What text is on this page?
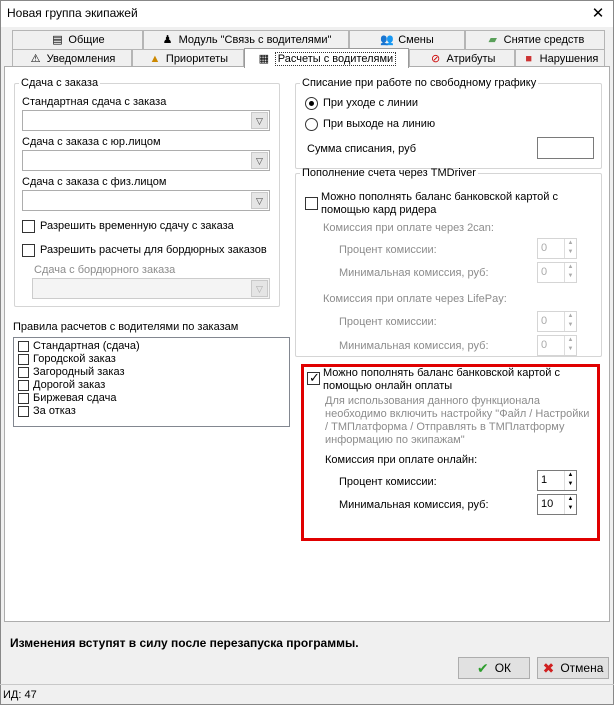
Новая группа экипажей	✕
▤ Общие	♟ Модуль "Связь с водителями"	👥 Смены	▰ Снятие средств
⚠ Уведомления	▲ Приоритеты	▦ Расчеты с водителями	⊘ Атрибуты	■ Нарушения
Сдача с заказа
Стандартная сдача с заказа
▽
Сдача с заказа с юр.лицом
▽
Сдача с заказа с физ.лицом
▽
Разрешить временную сдачу с заказа
Разрешить расчеты для бордюрных заказов
Сдача с бордюрного заказа
▽
Правила расчетов с водителями по заказам
Стандартная (сдача)
Городской заказ
Загородный заказ
Дорогой заказ
Биржевая сдача
За отказ
Списание при работе по свободному графику
При уходе с линии
При выходе на линию
Сумма списания, руб
Пополнение счета через TMDriver
Можно пополнять баланс банковской картой с
помощью кард ридера
Комиссия при оплате через 2can:
Процент комиссии:	0	▲
▼
Минимальная комиссия, руб:	0	▲
▼
Комиссия при оплате через LifePay:
Процент комиссии:	0	▲
▼
Минимальная комиссия, руб:	0	▲
▼
✓
Можно пополнять баланс банковской картой с
помощью онлайн оплаты
Для использования данного функционала
необходимо включить настройку "Файл / Настройки
/ ТМПлатформа / Отправлять в ТМПлатформу
информацию по экипажам"
Комиссия при оплате онлайн:
Процент комиссии:	1	▲
▼
Минимальная комиссия, руб:	10	▲
▼
Изменения вступят в силу после перезапуска программы.
✔ ОК ✖ Отмена
ИД: 47
